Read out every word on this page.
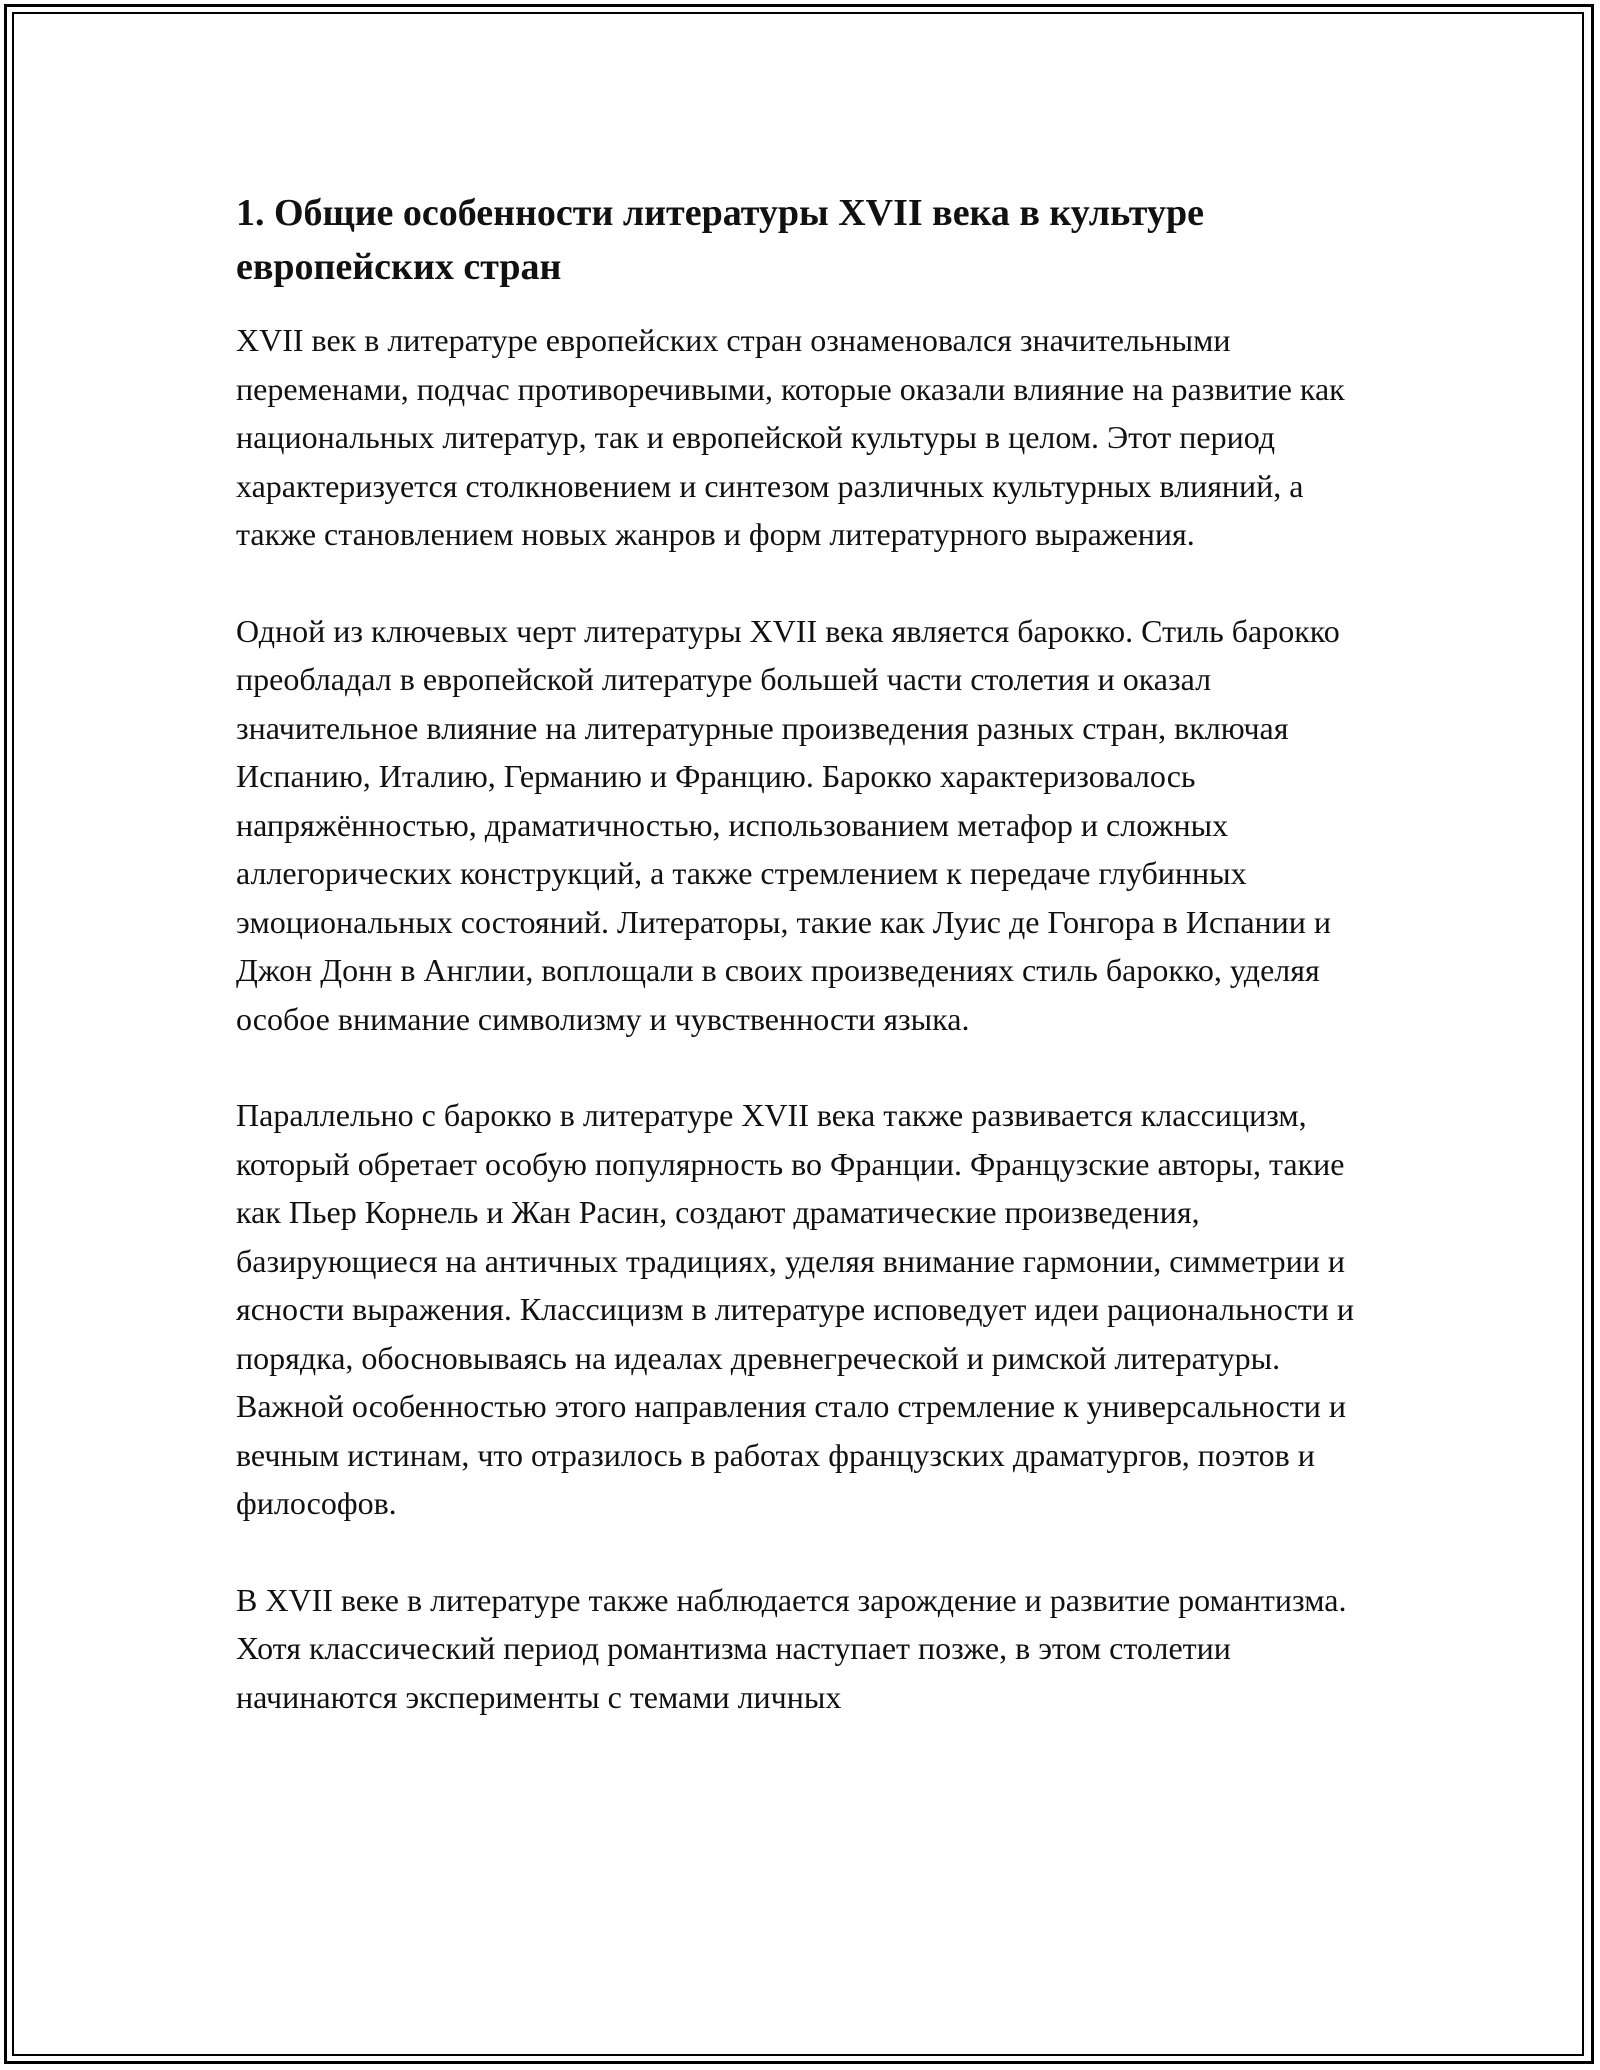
1. Общие особенности литературы XVII века в культуре европейских стран

XVII век в литературе европейских стран ознаменовался значительными переменами, подчас противоречивыми, которые оказали влияние на развитие как национальных литератур, так и европейской культуры в целом. Этот период характеризуется столкновением и синтезом различных культурных влияний, а также становлением новых жанров и форм литературного выражения.

Одной из ключевых черт литературы XVII века является барокко. Стиль барокко преобладал в европейской литературе большей части столетия и оказал значительное влияние на литературные произведения разных стран, включая Испанию, Италию, Германию и Францию. Барокко характеризовалось напряжённостью, драматичностью, использованием метафор и сложных аллегорических конструкций, а также стремлением к передаче глубинных эмоциональных состояний. Литераторы, такие как Луис де Гонгора в Испании и Джон Донн в Англии, воплощали в своих произведениях стиль барокко, уделяя особое внимание символизму и чувственности языка.

Параллельно с барокко в литературе XVII века также развивается классицизм, который обретает особую популярность во Франции. Французские авторы, такие как Пьер Корнель и Жан Расин, создают драматические произведения, базирующиеся на античных традициях, уделяя внимание гармонии, симметрии и ясности выражения. Классицизм в литературе исповедует идеи рациональности и порядка, обосновываясь на идеалах древнегреческой и римской литературы. Важной особенностью этого направления стало стремление к универсальности и вечным истинам, что отразилось в работах французских драматургов, поэтов и философов.

В XVII веке в литературе также наблюдается зарождение и развитие романтизма. Хотя классический период романтизма наступает позже, в этом столетии начинаются эксперименты с темами личных
